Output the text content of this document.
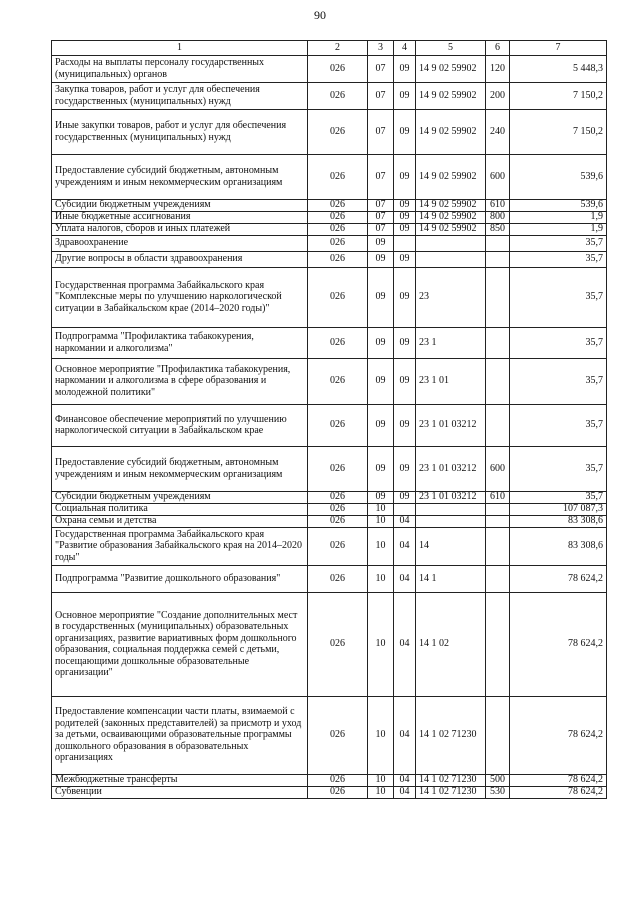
90
1	2	3	4	5	6	7
Расходы на выплаты персоналу государственных (муниципальных) органов	026	07	09	14 9 02 59902	120	5 448,3
Закупка товаров, работ и услуг для обеспечения государственных (муниципальных) нужд	026	07	09	14 9 02 59902	200	7 150,2
Иные закупки товаров, работ и услуг для обеспечения государственных (муниципальных) нужд	026	07	09	14 9 02 59902	240	7 150,2
Предоставление субсидий бюджетным, автономным учреждениям и иным некоммерческим организациям	026	07	09	14 9 02 59902	600	539,6
Субсидии бюджетным учреждениям	026	07	09	14 9 02 59902	610	539,6
Иные бюджетные ассигнования	026	07	09	14 9 02 59902	800	1,9
Уплата налогов, сборов и иных платежей	026	07	09	14 9 02 59902	850	1,9
Здравоохранение	026	09				35,7
Другие вопросы в области здравоохранения	026	09	09			35,7
Государственная программа Забайкальского края "Комплексные меры по улучшению наркологической ситуации в Забайкальском крае (2014–2020 годы)"	026	09	09	23		35,7
Подпрограмма "Профилактика табакокурения, наркомании и алкоголизма"	026	09	09	23 1		35,7
Основное мероприятие "Профилактика табакокурения, наркомании и алкоголизма в сфере образования и молодежной политики"	026	09	09	23 1 01		35,7
Финансовое обеспечение мероприятий по улучшению наркологической ситуации в Забайкальском крае	026	09	09	23 1 01 03212		35,7
Предоставление субсидий бюджетным, автономным учреждениям и иным некоммерческим организациям	026	09	09	23 1 01 03212	600	35,7
Субсидии бюджетным учреждениям	026	09	09	23 1 01 03212	610	35,7
Социальная политика	026	10				107 087,3
Охрана семьи и детства	026	10	04			83 308,6
Государственная программа Забайкальского края "Развитие образования Забайкальского края на 2014–2020 годы"	026	10	04	14		83 308,6
Подпрограмма "Развитие дошкольного образования"	026	10	04	14 1		78 624,2
Основное мероприятие "Создание дополнительных мест в государственных (муниципальных) образовательных организациях, развитие вариативных форм дошкольного образования, социальная поддержка семей с детьми, посещающими дошкольные образовательные организации"	026	10	04	14 1 02		78 624,2
Предоставление компенсации части платы, взимаемой с родителей (законных представителей) за присмотр и уход за детьми, осваивающими образовательные программы дошкольного образования в образовательных организациях	026	10	04	14 1 02 71230		78 624,2
Межбюджетные трансферты	026	10	04	14 1 02 71230	500	78 624,2
Субвенции	026	10	04	14 1 02 71230	530	78 624,2
